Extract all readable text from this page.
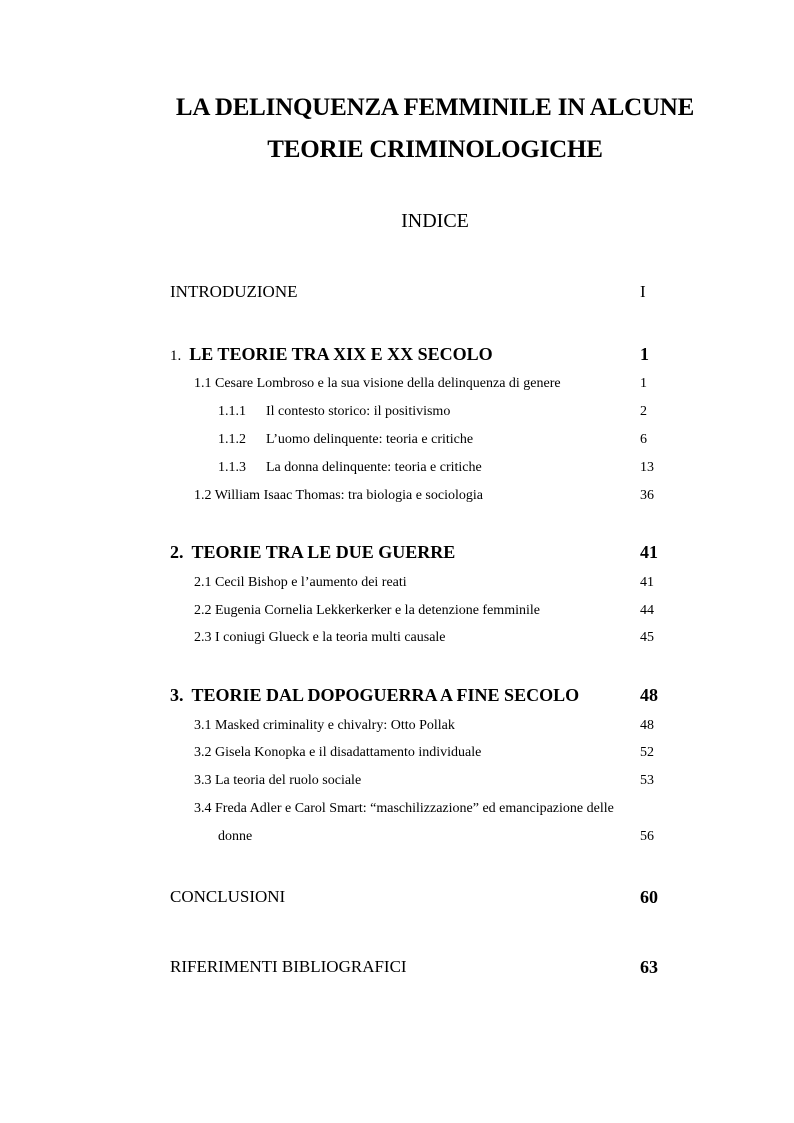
LA DELINQUENZA FEMMINILE IN ALCUNE
TEORIE CRIMINOLOGICHE
INDICE
INTRODUZIONE	I
1. LE TEORIE TRA XIX E XX SECOLO	1
1.1 Cesare Lombroso e la sua visione della delinquenza di genere	1
1.1.1 Il contesto storico: il positivismo	2
1.1.2 L’uomo delinquente: teoria e critiche	6
1.1.3 La donna delinquente: teoria e critiche	13
1.2 William Isaac Thomas: tra biologia e sociologia	36
2. TEORIE TRA LE DUE GUERRE	41
2.1 Cecil Bishop e l’aumento dei reati	41
2.2 Eugenia Cornelia Lekkerkerker e la detenzione femminile	44
2.3 I coniugi Glueck e la teoria multi causale	45
3. TEORIE DAL DOPOGUERRA A FINE SECOLO	48
3.1 Masked criminality e chivalry: Otto Pollak	48
3.2 Gisela Konopka e il disadattamento individuale	52
3.3 La teoria del ruolo sociale	53
3.4 Freda Adler e Carol Smart: “maschilizzazione” ed emancipazione delle
donne	56
CONCLUSIONI	60
RIFERIMENTI BIBLIOGRAFICI	63
